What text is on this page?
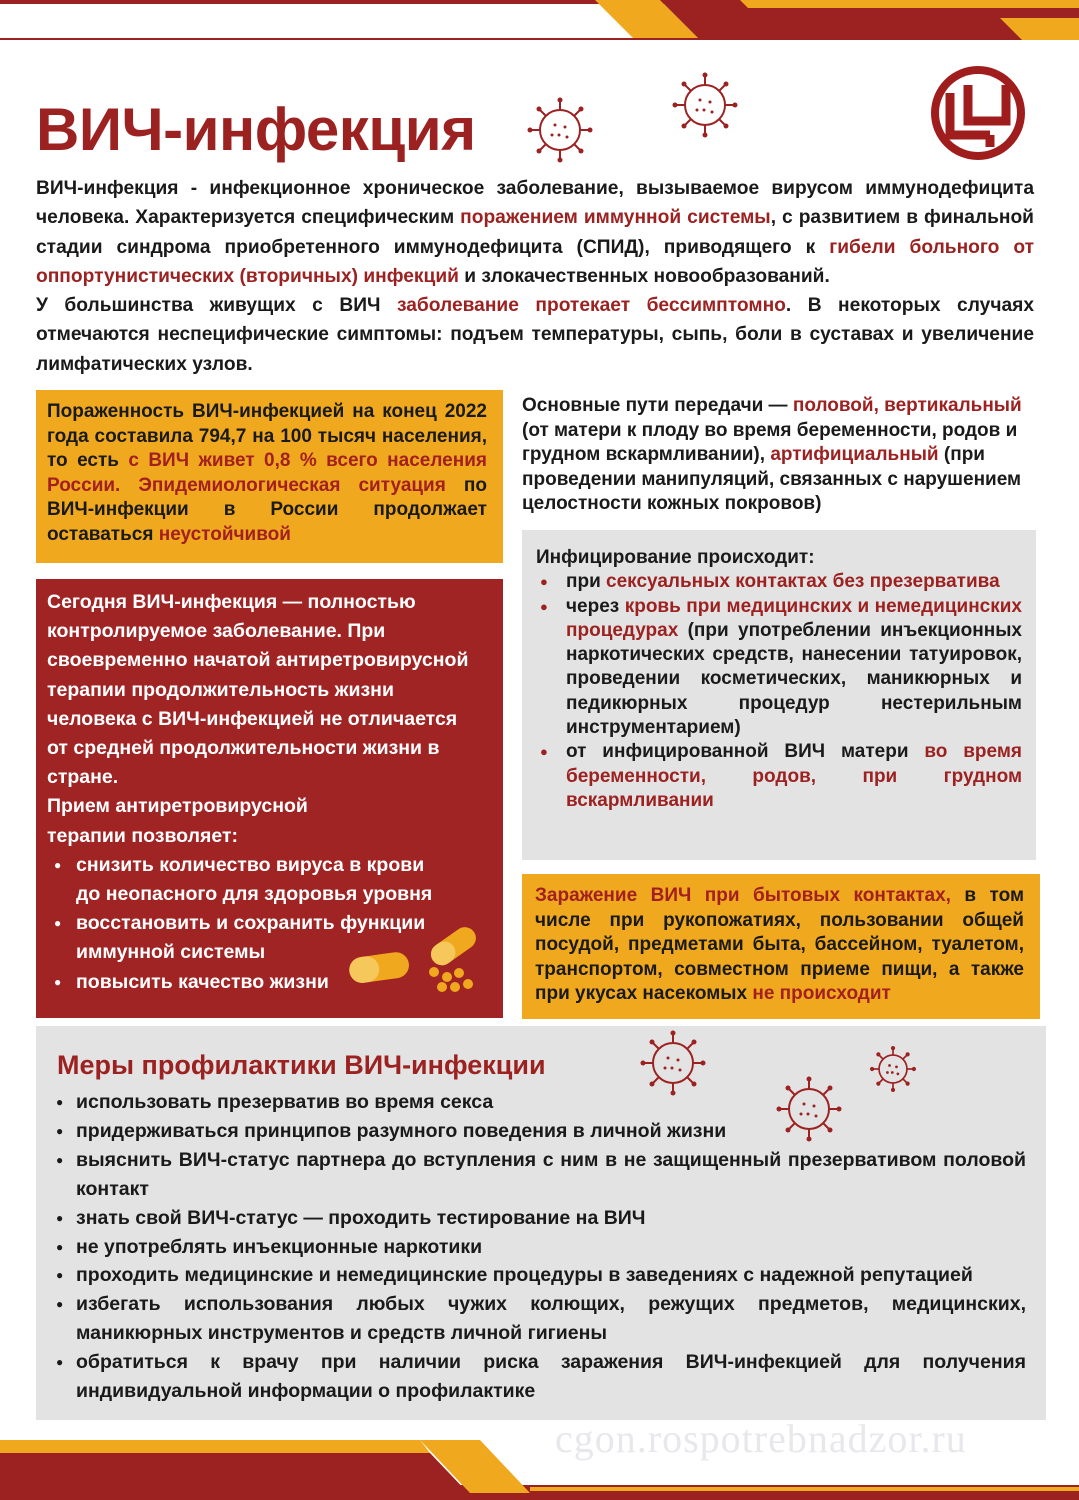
ВИЧ-инфекция

ВИЧ-инфекция - инфекционное хроническое заболевание, вызываемое вирусом иммунодефицита человека. Характеризуется специфическим поражением иммунной системы, с развитием в финальной стадии синдрома приобретенного иммунодефицита (СПИД), приводящего к гибели больного от оппортунистических (вторичных) инфекций и злокачественных новообразований.

У большинства живущих с ВИЧ заболевание протекает бессимптомно. В некоторых случаях отмечаются неспецифические симптомы: подъем температуры, сыпь, боли в суставах и увеличение лимфатических узлов.

Пораженность ВИЧ-инфекцией на конец 2022 года составила 794,7 на 100 тысяч населения, то есть с ВИЧ живет 0,8 % всего населения России. Эпидемиологическая ситуация по ВИЧ-инфекции в России продолжает оставаться неустойчивой
Основные пути передачи — половой, вертикальный (от матери к плоду во время беременности, родов и грудном вскармливании), артифициальный (при проведении манипуляций, связанных с нарушением целостности кожных покровов)
Инфицирование происходит:
● при сексуальных контактах без презерватива
● через кровь при медицинских и немедицинских процедурах (при употреблении инъекционных наркотических средств, нанесении татуировок, проведении косметических, маникюрных и педикюрных процедур нестерильным инструментарием)
● от инфицированной ВИЧ матери во время беременности, родов, при грудном вскармливании
Сегодня ВИЧ-инфекция — полностью контролируемое заболевание. При своевременно начатой антиретровирусной терапии продолжительность жизни человека с ВИЧ-инфекцией не отличается от средней продолжительности жизни в стране.
Прием антиретровирусной терапии позволяет:
● снизить количество вируса в крови до неопасного для здоровья уровня
● восстановить и сохранить функции иммунной системы
● повысить качество жизни
Заражение ВИЧ при бытовых контактах, в том числе при рукопожатиях, пользовании общей посудой, предметами быта, бассейном, туалетом, транспортом, совместном приеме пищи, а также при укусах насекомых не происходит
Меры профилактики ВИЧ-инфекции
● использовать презерватив во время секса
● придерживаться принципов разумного поведения в личной жизни
● выяснить ВИЧ-статус партнера до вступления с ним в не защищенный презервативом половой контакт
● знать свой ВИЧ-статус — проходить тестирование на ВИЧ
● не употреблять инъекционные наркотики
● проходить медицинские и немедицинские процедуры в заведениях с надежной репутацией
● избегать использования любых чужих колющих, режущих предметов, медицинских, маникюрных инструментов и средств личной гигиены
● обратиться к врачу при наличии риска заражения ВИЧ-инфекцией для получения индивидуальной информации о профилактике
cgon.rospotrebnadzor.ru
